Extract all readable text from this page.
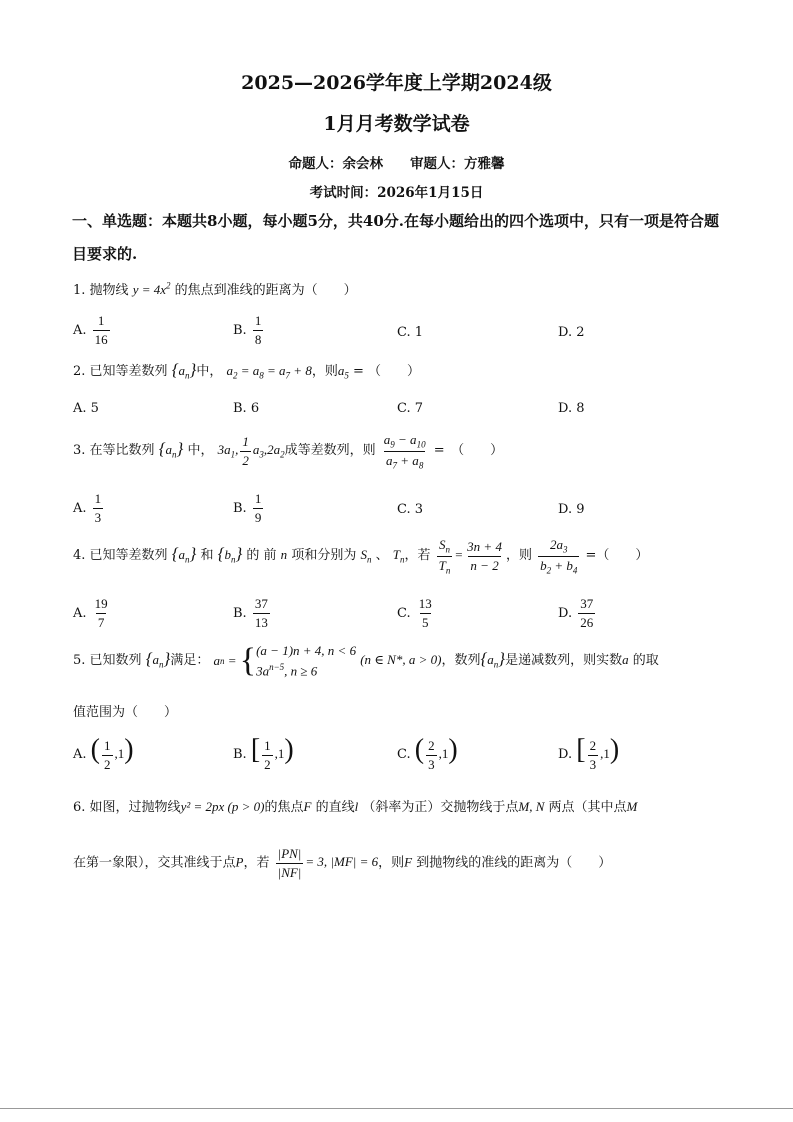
2025—2026学年度上学期2024级
1月月考数学试卷
命题人：余会林　　审题人：方雅馨
考试时间：2026年1月15日
一、单选题：本题共8小题，每小题5分，共40分.在每小题给出的四个选项中，只有一项是符合题目要求的.
1. 抛物线 $y = 4x^2$ 的焦点到准线的距离为（　　）
A. $\frac{1}{16}$	B. $\frac{1}{8}$	C. 1	D. 2
2. 已知等差数列 $\{a_n\}$中， $a_2 = a_8 = a_7 + 8$，则$a_5$ = （　　）
A. 5	B. 6	C. 7	D. 8
3. 在等比数列 $\{a_n\}$ 中， $3a_1$, $\frac{1}{2} a_3,2a_2$成等差数列，则 $\frac{a_9 - a_{10}}{a_7 + a_8}$ =　（　　）
A. $\frac{1}{3}$	B. $\frac{1}{9}$	C. 3	D. 9
4. 已知等差数列 $\{a_n\}$ 和 $\{b_n\}$ 的 前 n 项和分别为 $S_n$ 、 $T_n$，若 $\frac{S_n}{T_n} = \frac{3n + 4}{n - 2}$ ，则 $\frac{2a_3}{b_2 + b_4}$ =（　　）
A. $\frac{19}{7}$	B. $\frac{37}{13}$	C. $\frac{13}{5}$	D. $\frac{37}{26}$
5. 已知数列 $\{a_n\}$满足： a n = { (a − 1)n + 4, n < 6
$3a^{n-5}$, n ≥ 6
(n ∈ N*, a > 0)，数列$\{a_n\}$是递减数列，则实数a 的取
值范围为（　　）
A. ( $\frac{1}{2} ,1$)	B. [ $\frac{1}{2} ,1$)	C. ( $\frac{2}{3} ,1$)	D. [ $\frac{2}{3} ,1$)
6. 如图，过抛物线y² = 2px (p > 0)的焦点F 的直线l （斜率为正）交抛物线于点M, N 两点（其中点M
在第一象限），交其准线于点P，若 $\frac{|PN|}{|NF|} = 3$, |MF| = 6，则F 到抛物线的准线的距离为（　　）
